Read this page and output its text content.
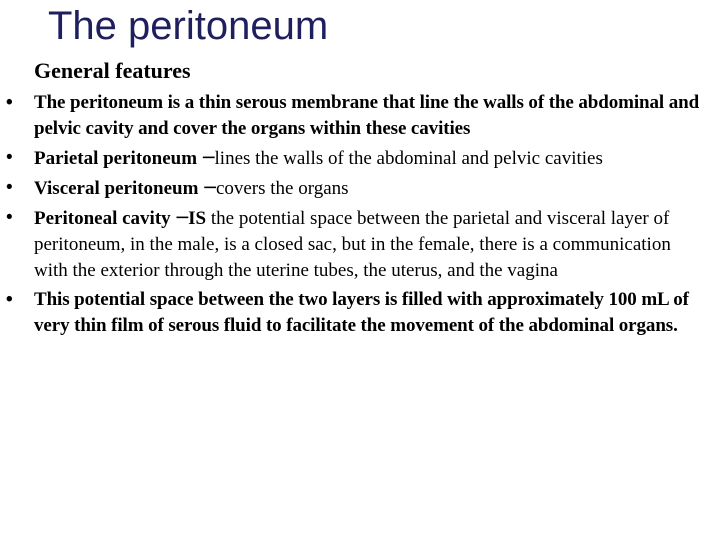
The peritoneum
General features
• The peritoneum is a thin serous membrane that line the walls of the abdominal and pelvic cavity and cover the organs within these cavities
• Parietal peritoneum ─lines the walls of the abdominal and pelvic cavities
• Visceral peritoneum ─covers the organs
• Peritoneal cavity ─IS the potential space between the parietal and visceral layer of peritoneum, in the male, is a closed sac, but in the female, there is a communication with the exterior through the uterine tubes, the uterus, and the vagina
• This potential space between the two layers is filled with approximately 100 mL of very thin film of serous fluid to facilitate the movement of the abdominal organs.
